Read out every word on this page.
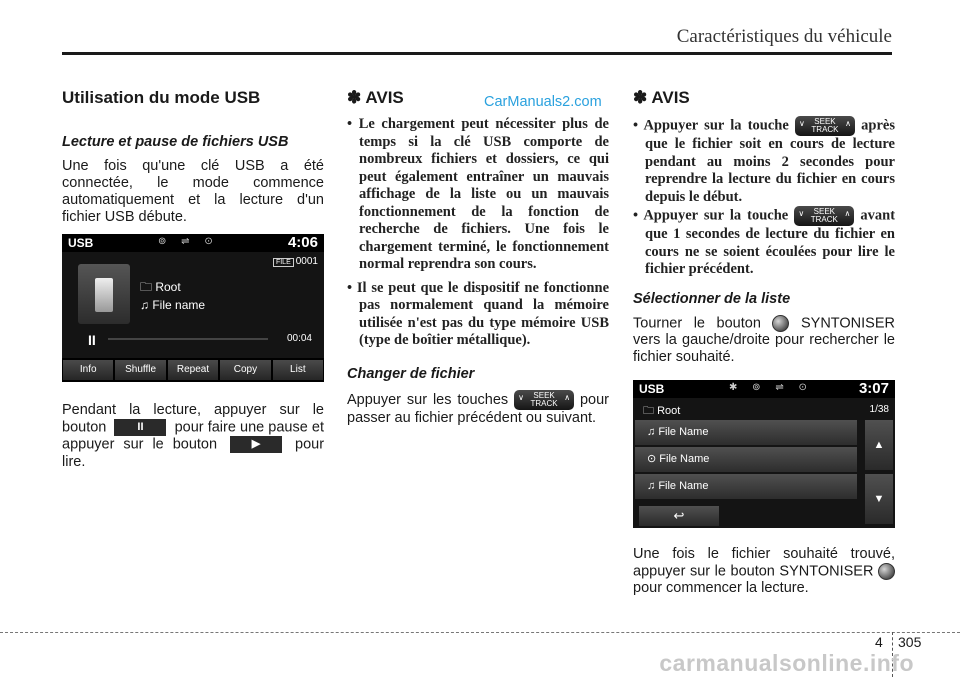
Caractéristiques du véhicule
CarManuals2.com
Utilisation du mode USB
Lecture et pause de fichiers USB

Une fois qu'une clé USB a été connectée, le mode commence automatiquement et la lecture d'un fichier USB débute.

USB	⊚ ⇌ ⊙	4:06
FILE 0001
🗀 Root
♫ File name
II	00:04
Info	Shuffle	Repeat	Copy	List

Pendant la lecture, appuyer sur le bouton	II pour faire une pause et appuyer sur le bouton	▶ pour lire.

✽ AVIS

• Le chargement peut nécessiter plus de temps si la clé USB comporte de nombreux fichiers et dossiers, ce qui peut également entraîner un mauvais affichage de la liste ou un mauvais fonctionnement de la fonction de recherche de fichiers. Une fois le chargement terminé, le fonctionnement normal reprendra son cours.

• Il se peut que le dispositif ne fonctionne pas normalement quand la mémoire utilisée n'est pas du type mémoire USB (type de boîtier métallique).

Changer de fichier

Appuyer sur les touches ∨ SEEK
TRACK
∧ pour passer au fichier précédent ou suivant.

✽ AVIS

• Appuyer sur la touche ∨ SEEK
TRACK
∧ après que le fichier soit en cours de lecture pendant au moins 2 secondes pour reprendre la lecture du fichier en cours depuis le début.

• Appuyer sur la touche ∨ SEEK
TRACK
∧ avant que 1 secondes de lecture du fichier en cours ne se soient écoulées pour lire le fichier précédent.

Sélectionner de la liste

Tourner le bouton	SYNTONISER vers la gauche/droite pour rechercher le fichier souhaité.

USB	✱ ⊚ ⇌ ⊙	3:07
🗀 Root	1/38
♫ File Name
⊙ File Name
♫ File Name
▲
▼
↩

Une fois le fichier souhaité trouvé, appuyer sur le bouton SYNTONISER  pour commencer la lecture.

4 305
carmanualsonline.info
